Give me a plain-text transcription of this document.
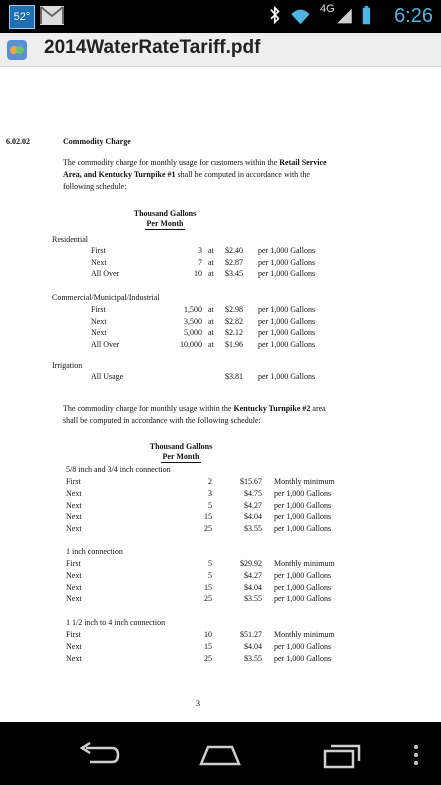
52°
4G	6:26
2014WaterRateTariff.pdf
6.02.02	Commodity Charge
The commodity charge for monthly usage for customers within the Retail Service
Area, and Kentucky Turnpike #1 shall be computed in accordance with the
following schedule:
Thousand Gallons
Per Month
Residential
First	3 at	$2.40 per 1,000 Gallons
Next	7 at	$2.87 per 1,000 Gallons
All Over	10 at	$3.45 per 1,000 Gallons
Commercial/Municipal/Industrial
First	1,500 at	$2.98 per 1,000 Gallons
Next	3,500 at	$2.82 per 1,000 Gallons
Next	5,000 at	$2.12 per 1,000 Gallons
All Over	10,000 at	$1.96 per 1,000 Gallons
Irrigation
All Usage	$3.81 per 1,000 Gallons
5/8 inch and 3/4 inch connection
First	2	$15.67 Monthly minimum
Next	3	$4.75 per 1,000 Gallons
Next	5	$4.27 per 1,000 Gallons
Next	15	$4.04 per 1,000 Gallons
Next	25	$3.55 per 1,000 Gallons
1 inch connection
First	5	$29.92 Monthly minimum
Next	5	$4.27 per 1,000 Gallons
Next	15	$4.04 per 1,000 Gallons
Next	25	$3.55 per 1,000 Gallons
1 1/2 inch to 4 inch connection
First	10	$51.27 Monthly minimum
Next	15	$4.04 per 1,000 Gallons
Next	25	$3.55 per 1,000 Gallons
The commodity charge for monthly usage within the Kentucky Turnpike #2 area
shall be computed in accordance with the following schedule:
Thousand Gallons
Per Month
3
